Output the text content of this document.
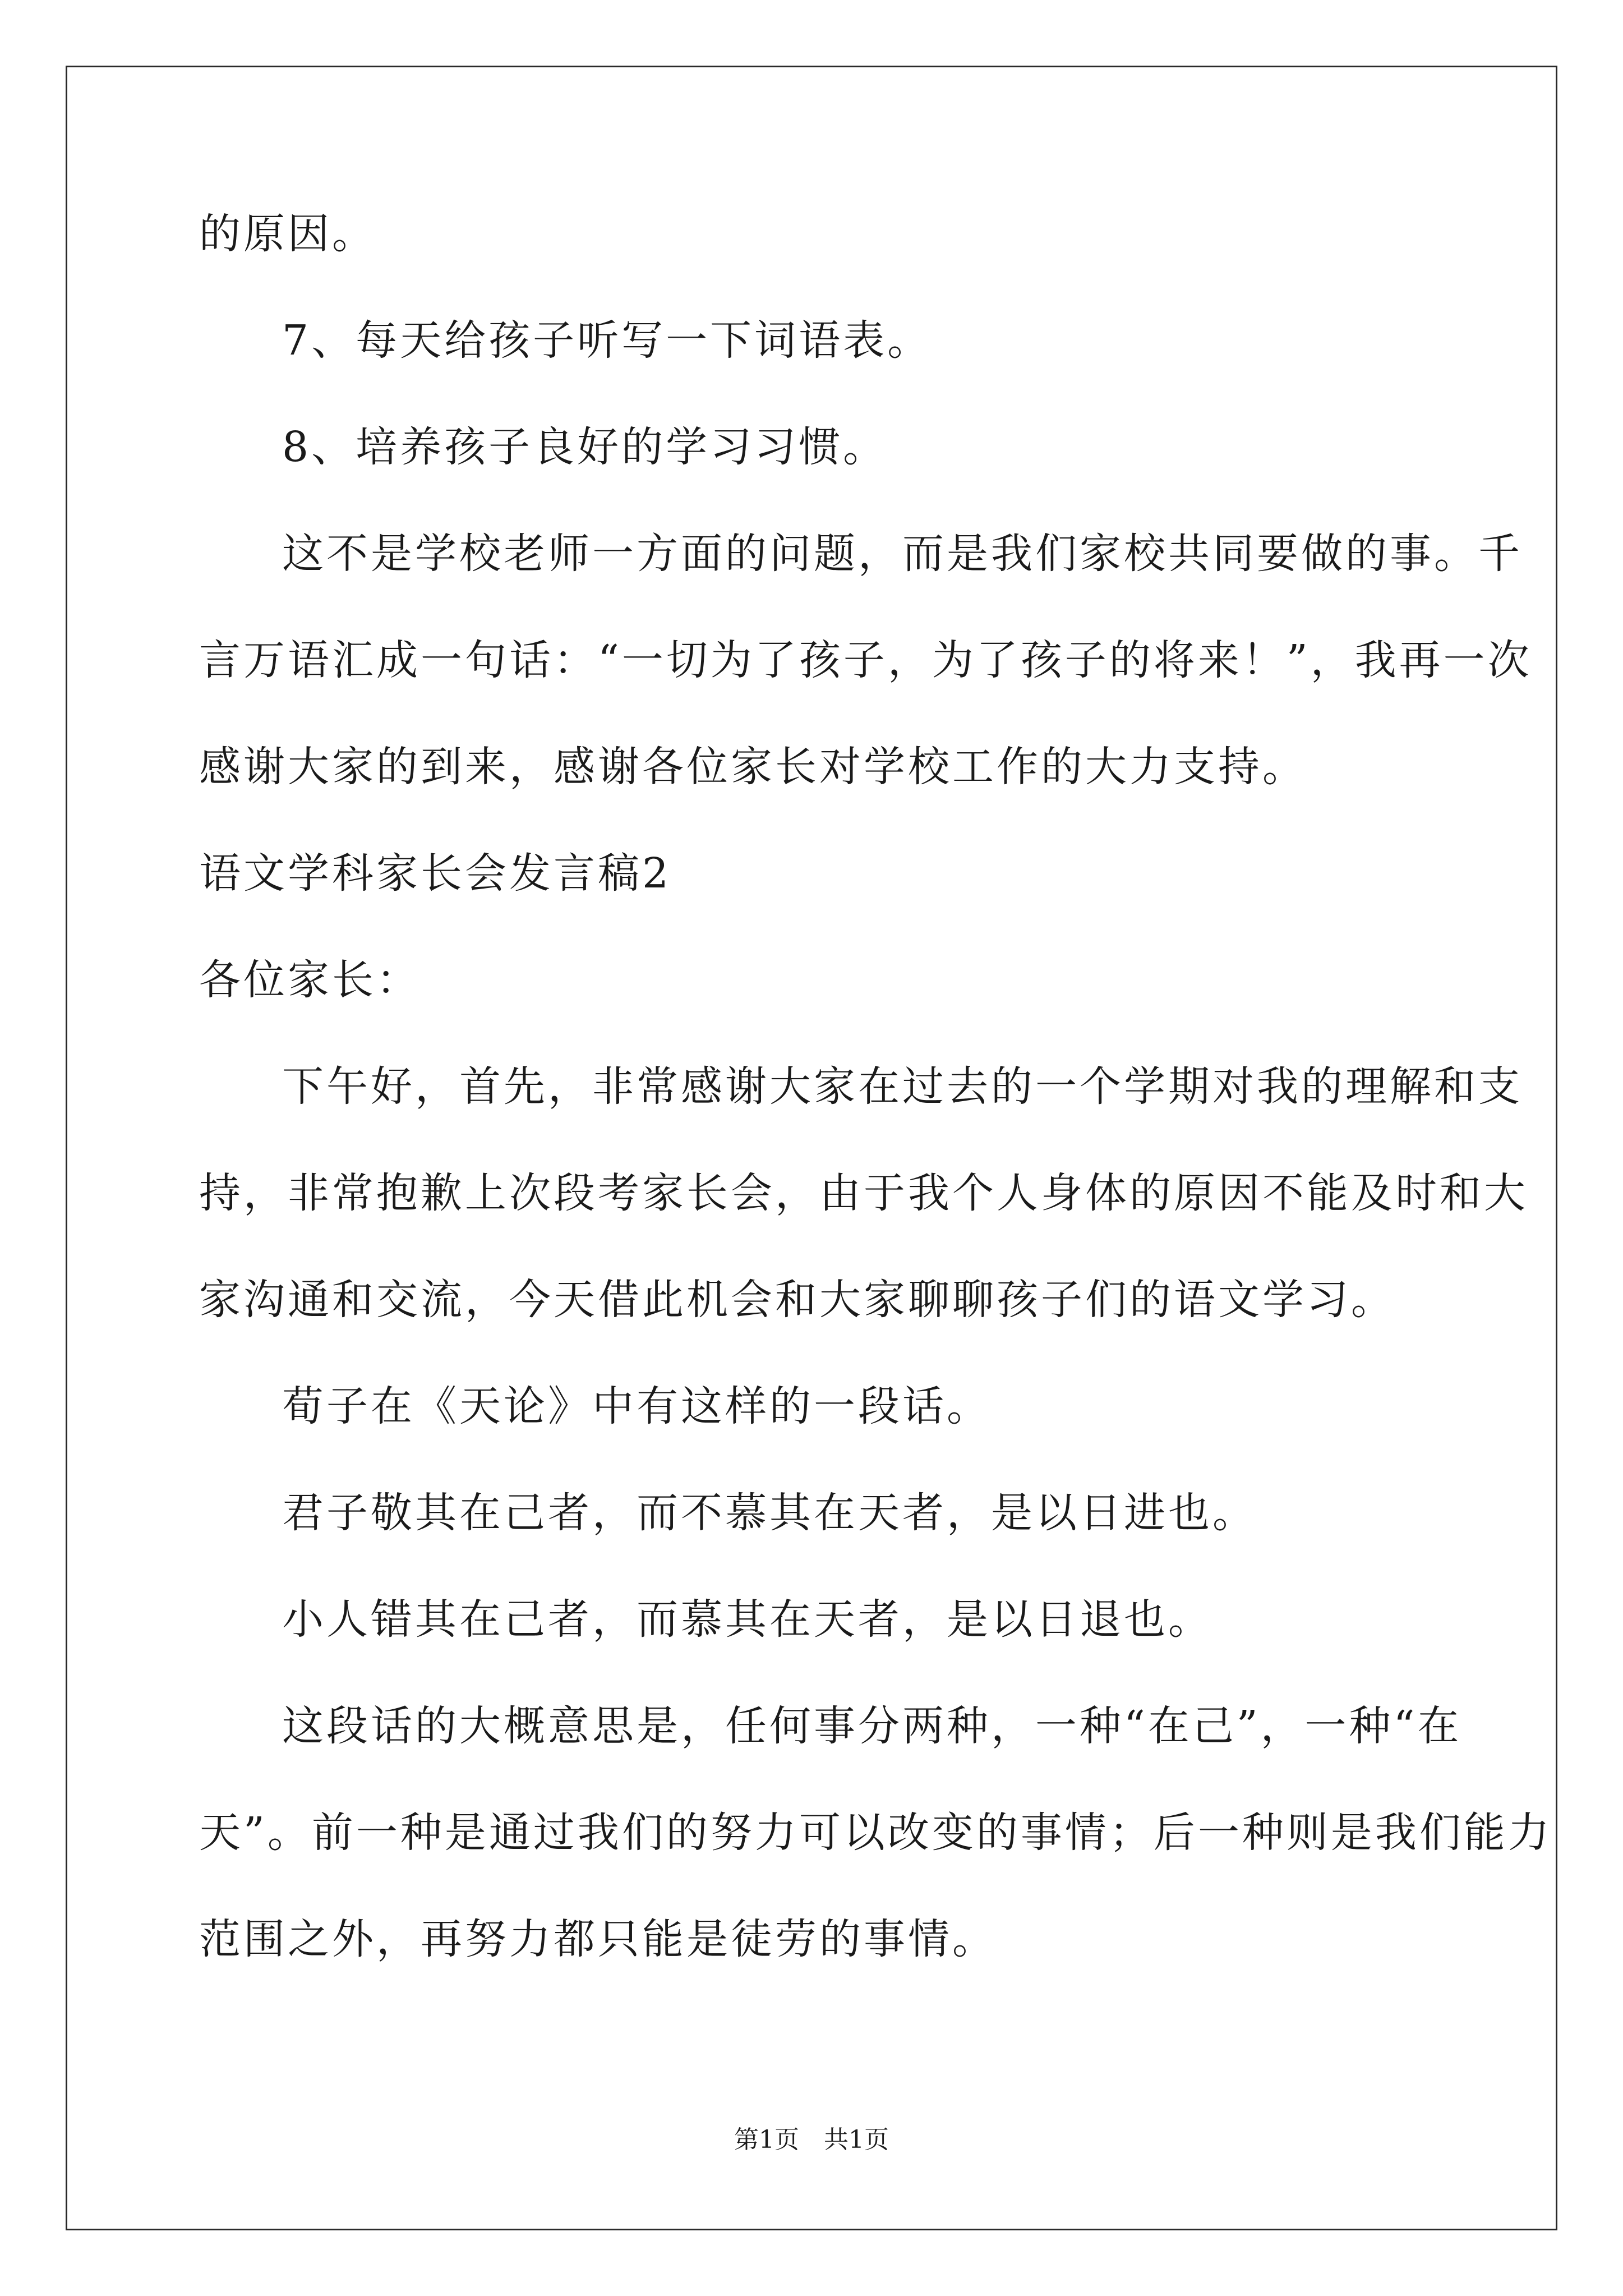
的原因。
7、每天给孩子听写一下词语表。
8、培养孩子良好的学习习惯。
这不是学校老师一方面的问题，而是我们家校共同要做的事。千
言万语汇成一句话：“一切为了孩子，为了孩子的将来！”，我再一次
感谢大家的到来，感谢各位家长对学校工作的大力支持。
语文学科家长会发言稿2
各位家长：
下午好，首先，非常感谢大家在过去的一个学期对我的理解和支
持，非常抱歉上次段考家长会，由于我个人身体的原因不能及时和大
家沟通和交流，今天借此机会和大家聊聊孩子们的语文学习。
荀子在《天论》中有这样的一段话。
君子敬其在己者，而不慕其在天者，是以日进也。
小人错其在己者，而慕其在天者，是以日退也。
这段话的大概意思是，任何事分两种，一种“在己”，一种“在
天”。前一种是通过我们的努力可以改变的事情；后一种则是我们能力
范围之外，再努力都只能是徒劳的事情。
第1页　共1页
